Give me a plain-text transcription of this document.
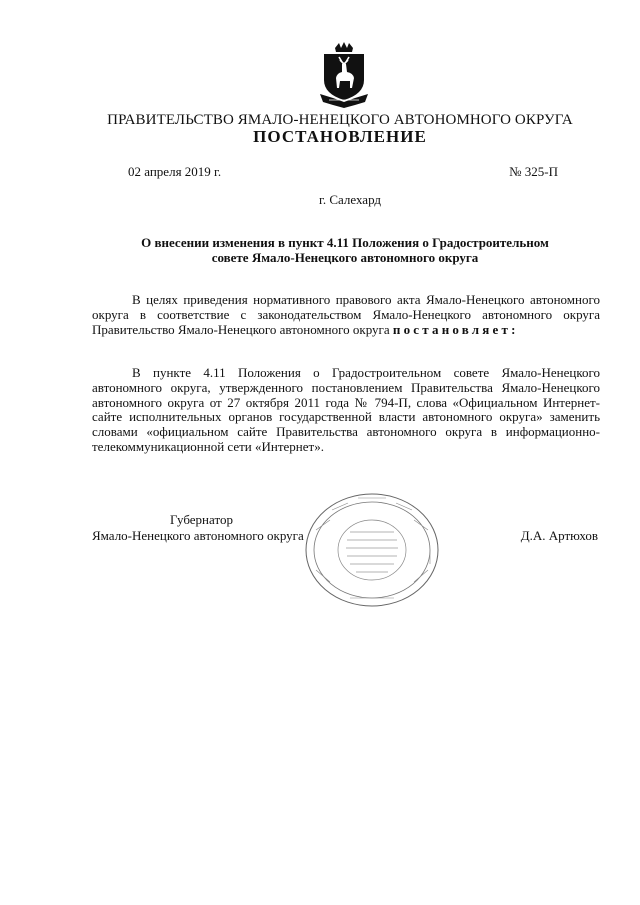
ПРАВИТЕЛЬСТВО ЯМАЛО-НЕНЕЦКОГО АВТОНОМНОГО ОКРУГА
ПОСТАНОВЛЕНИЕ
02 апреля 2019 г.	№ 325-П
г. Салехард
О внесении изменения в пункт 4.11 Положения о Градостроительном
совете Ямало-Ненецкого автономного округа
В целях приведения нормативного правового акта Ямало-Ненецкого автономного округа в соответствие с законодательством Ямало-Ненецкого автономного округа Правительство Ямало-Ненецкого автономного округа постановляет:
В пункте 4.11 Положения о Градостроительном совете Ямало-Ненецкого автономного округа, утвержденного постановлением Правительства Ямало-Ненецкого автономного округа от 27 октября 2011 года № 794-П, слова «Официальном Интернет-сайте исполнительных органов государственной власти автономного округа» заменить словами «официальном сайте Правительства автономного округа в информационно-телекоммуникационной сети «Интернет».
Губернатор
Ямало-Ненецкого автономного округа	Д.А. Артюхов
